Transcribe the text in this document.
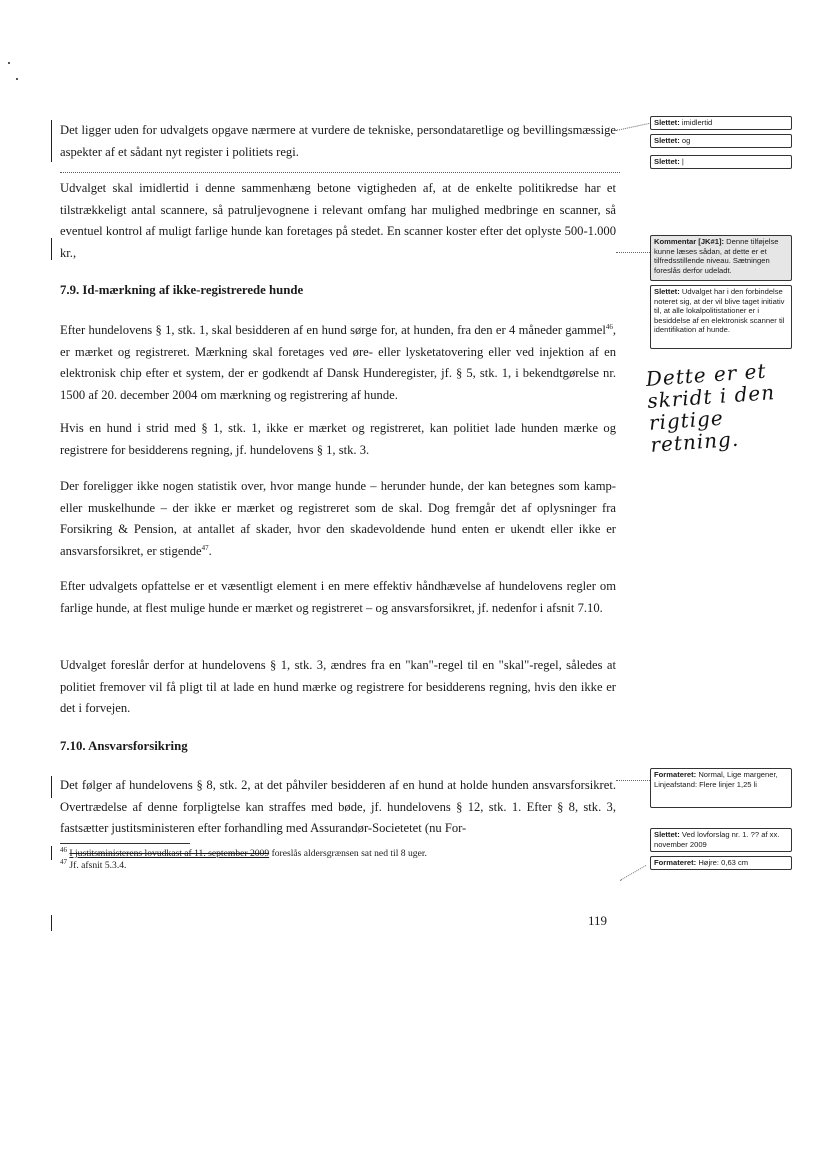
Det ligger uden for udvalgets opgave nærmere at vurdere de tekniske, persondataretlige og bevillingsmæssige aspekter af et sådant nyt register i politiets regi.
Udvalget skal imidlertid i denne sammenhæng betone vigtigheden af, at de enkelte politikredse har et tilstrækkeligt antal scannere, så patruljevognene i relevant omfang har mulighed medbringe en scanner, så eventuel kontrol af muligt farlige hunde kan foretages på stedet. En scanner koster efter det oplyste 500-1.000 kr.,
7.9. Id-mærkning af ikke-registrerede hunde
Efter hundelovens § 1, stk. 1, skal besidderen af en hund sørge for, at hunden, fra den er 4 måneder gammel$^{46}$, er mærket og registreret. Mærkning skal foretages ved øre- eller lysketatovering eller ved injektion af en elektronisk chip efter et system, der er godkendt af Dansk Hunderegister, jf. § 5, stk. 1, i bekendtgørelse nr. 1500 af 20. december 2004 om mærkning og registrering af hunde.
Hvis en hund i strid med § 1, stk. 1, ikke er mærket og registreret, kan politiet lade hunden mærke og registrere for besidderens regning, jf. hundelovens § 1, stk. 3.
Der foreligger ikke nogen statistik over, hvor mange hunde – herunder hunde, der kan betegnes som kamp- eller muskelhunde – der ikke er mærket og registreret som de skal. Dog fremgår det af oplysninger fra Forsikring & Pension, at antallet af skader, hvor den skadevoldende hund enten er ukendt eller ikke er ansvarsforsikret, er stigende$^{47}$.
Efter udvalgets opfattelse er et væsentligt element i en mere effektiv håndhævelse af hundelovens regler om farlige hunde, at flest mulige hunde er mærket og registreret – og ansvarsforsikret, jf. nedenfor i afsnit 7.10.
Udvalget foreslår derfor at hundelovens § 1, stk. 3, ændres fra en "kan"-regel til en "skal"-regel, således at politiet fremover vil få pligt til at lade en hund mærke og registrere for besidderens regning, hvis den ikke er det i forvejen.
7.10. Ansvarsforsikring
Det følger af hundelovens § 8, stk. 2, at det påhviler besidderen af en hund at holde hunden ansvarsforsikret. Overtrædelse af denne forpligtelse kan straffes med bøde, jf. hundelovens § 12, stk. 1. Efter § 8, stk. 3, fastsætter justitsministeren efter forhandling med Assurandør-Societetet (nu For-
$^{46}$ I justitsministerens lovudkast af 11. september 2009 foreslås aldersgrænsen sat ned til 8 uger.
$^{47}$ Jf. afsnit 5.3.4.
119
Slettet: imidlertid
Slettet: og
Slettet: |
Kommentar [JK#1]: Denne tilføjelse kunne læses sådan, at dette er et tilfredsstillende niveau. Sætningen foreslås derfor udeladt.
Slettet: Udvalget har i den forbindelse noteret sig, at der vil blive taget initiativ til, at alle lokalpolitistationer er i besiddelse af en elektronisk scanner til identifikation af hunde.
Formateret: Normal, Lige margener, Linjeafstand: Flere linjer 1,25 li
Slettet: Ved lovforslag nr. 1. ?? af xx. november 2009
Formateret: Højre: 0,63 cm
Dette er et skridt i den rigtige retning.
